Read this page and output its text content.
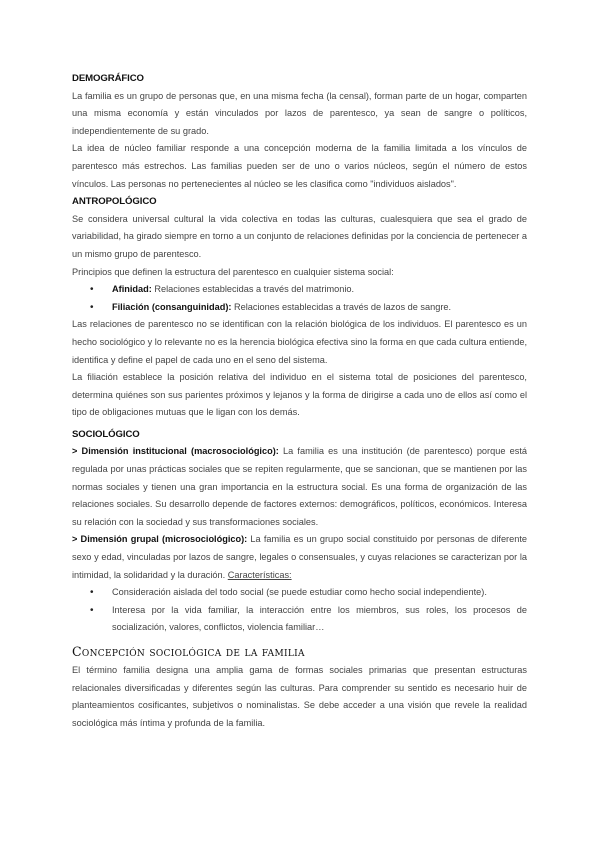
DEMOGRÁFICO

La familia es un grupo de personas que, en una misma fecha (la censal), forman parte de un hogar, comparten una misma economía y están vinculados por lazos de parentesco, ya sean de sangre o políticos, independientemente de su grado.

La idea de núcleo familiar responde a una concepción moderna de la familia limitada a los vínculos de parentesco más estrechos. Las familias pueden ser de uno o varios núcleos, según el número de estos vínculos. Las personas no pertenecientes al núcleo se les clasifica como "individuos aislados".

ANTROPOLÓGICO

Se considera universal cultural la vida colectiva en todas las culturas, cualesquiera que sea el grado de variabilidad, ha girado siempre en torno a un conjunto de relaciones definidas por la conciencia de pertenecer a un mismo grupo de parentesco.

Principios que definen la estructura del parentesco en cualquier sistema social:

• Afinidad: Relaciones establecidas a través del matrimonio.
• Filiación (consanguinidad): Relaciones establecidas a través de lazos de sangre.

Las relaciones de parentesco no se identifican con la relación biológica de los individuos. El parentesco es un hecho sociológico y lo relevante no es la herencia biológica efectiva sino la forma en que cada cultura entiende, identifica y define el papel de cada uno en el seno del sistema.

La filiación establece la posición relativa del individuo en el sistema total de posiciones del parentesco, determina quiénes son sus parientes próximos y lejanos y la forma de dirigirse a cada uno de ellos así como el tipo de obligaciones mutuas que le ligan con los demás.

SOCIOLÓGICO

> Dimensión institucional (macrosociológico): La familia es una institución (de parentesco) porque está regulada por unas prácticas sociales que se repiten regularmente, que se sancionan, que se mantienen por las normas sociales y tienen una gran importancia en la estructura social. Es una forma de organización de las relaciones sociales. Su desarrollo depende de factores externos: demográficos, políticos, económicos. Interesa su relación con la sociedad y sus transformaciones sociales.

> Dimensión grupal (microsociológico): La familia es un grupo social constituido por personas de diferente sexo y edad, vinculadas por lazos de sangre, legales o consensuales, y cuyas relaciones se caracterizan por la intimidad, la solidaridad y la duración. Características:

• Consideración aislada del todo social (se puede estudiar como hecho social independiente).
• Interesa por la vida familiar, la interacción entre los miembros, sus roles, los procesos de socialización, valores, conflictos, violencia familiar…
Concepción sociológica de la familia

El término familia designa una amplia gama de formas sociales primarias que presentan estructuras relacionales diversificadas y diferentes según las culturas. Para comprender su sentido es necesario huir de planteamientos cosificantes, subjetivos o nominalistas. Se debe acceder a una visión que revele la realidad sociológica más íntima y profunda de la familia.
